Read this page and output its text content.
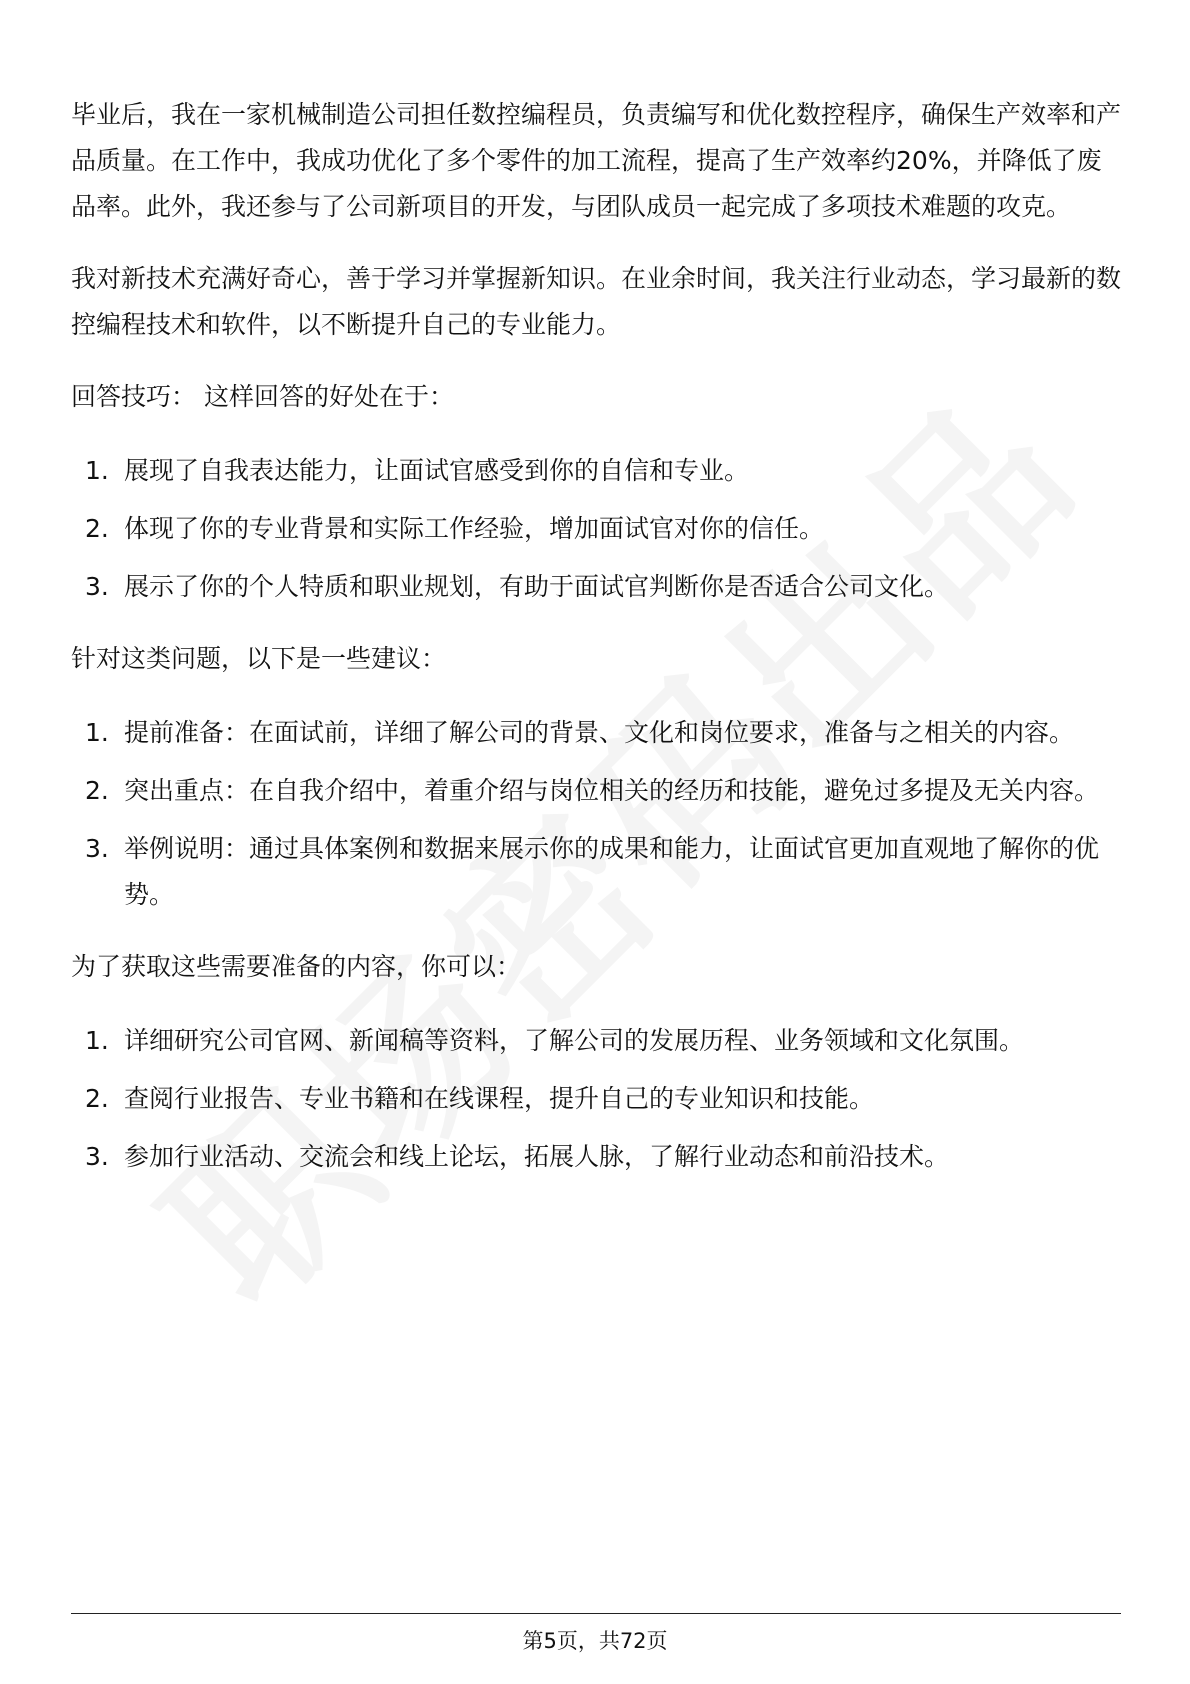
毕业后，我在一家机械制造公司担任数控编程员，负责编写和优化数控程序，确保生产效率和产品质量。在工作中，我成功优化了多个零件的加工流程，提高了生产效率约20%，并降低了废品率。此外，我还参与了公司新项目的开发，与团队成员一起完成了多项技术难题的攻克。

我对新技术充满好奇心，善于学习并掌握新知识。在业余时间，我关注行业动态，学习最新的数控编程技术和软件，以不断提升自己的专业能力。

回答技巧： 这样回答的好处在于：

1. 展现了自我表达能力，让面试官感受到你的自信和专业。
2. 体现了你的专业背景和实际工作经验，增加面试官对你的信任。
3. 展示了你的个人特质和职业规划，有助于面试官判断你是否适合公司文化。

针对这类问题，以下是一些建议：

1. 提前准备：在面试前，详细了解公司的背景、文化和岗位要求，准备与之相关的内容。
2. 突出重点：在自我介绍中，着重介绍与岗位相关的经历和技能，避免过多提及无关内容。
3. 举例说明：通过具体案例和数据来展示你的成果和能力，让面试官更加直观地了解你的优势。

为了获取这些需要准备的内容，你可以：

1. 详细研究公司官网、新闻稿等资料，了解公司的发展历程、业务领域和文化氛围。
2. 查阅行业报告、专业书籍和在线课程，提升自己的专业知识和技能。
3. 参加行业活动、交流会和线上论坛，拓展人脉，了解行业动态和前沿技术。
第5页，共72页
